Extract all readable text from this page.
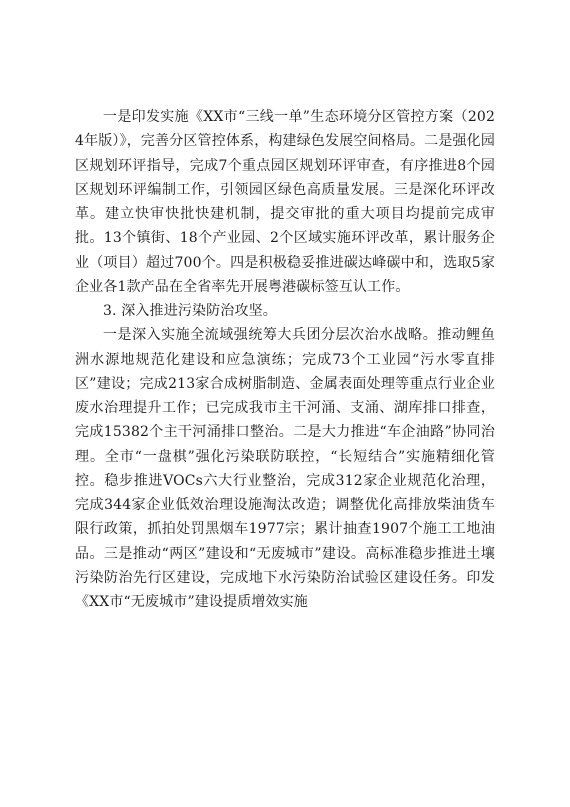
一是印发实施《XX市“三线一单”生态环境分区管控方案（2024年版）》，完善分区管控体系，构建绿色发展空间格局。二是强化园区规划环评指导，完成7个重点园区规划环评审查，有序推进8个园区规划环评编制工作，引领园区绿色高质量发展。三是深化环评改革。建立快审快批快建机制，提交审批的重大项目均提前完成审批。13个镇街、18个产业园、2个区域实施环评改革，累计服务企业（项目）超过700个。四是积极稳妥推进碳达峰碳中和，选取5家企业各1款产品在全省率先开展粤港碳标签互认工作。

3. 深入推进污染防治攻坚。

一是深入实施全流域强统筹大兵团分层次治水战略。推动鲤鱼洲水源地规范化建设和应急演练；完成73个工业园“污水零直排区”建设；完成213家合成树脂制造、金属表面处理等重点行业企业废水治理提升工作；已完成我市主干河涌、支涌、湖库排口排查，完成15382个主干河涌排口整治。二是大力推进“车企油路”协同治理。全市“一盘棋”强化污染联防联控，“长短结合”实施精细化管控。稳步推进VOCs六大行业整治，完成312家企业规范化治理，完成344家企业低效治理设施淘汰改造；调整优化高排放柴油货车限行政策，抓拍处罚黑烟车1977宗；累计抽查1907个施工工地油品。三是推动“两区”建设和“无废城市”建设。高标准稳步推进土壤污染防治先行区建设，完成地下水污染防治试验区建设任务。印发《XX市“无废城市”建设提质增效实施
